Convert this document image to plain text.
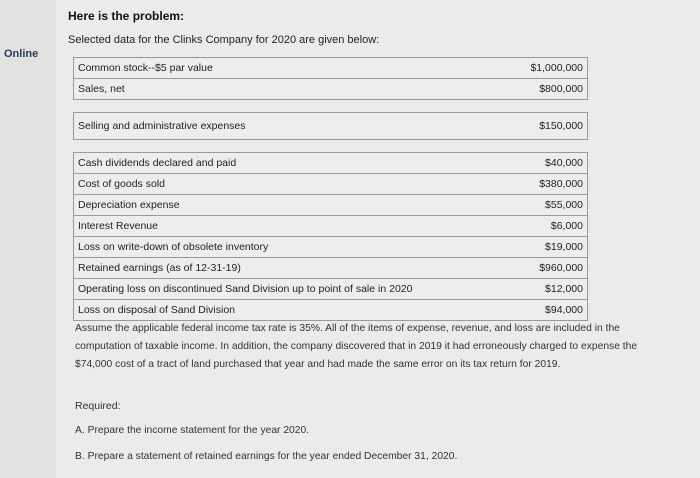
Online
Here is the problem:
Selected data for the Clinks Company for 2020 are given below:
Common stock--$5 par value	$1,000,000
Sales, net	$800,000

Selling and administrative expenses	$150,000

Cash dividends declared and paid	$40,000
Cost of goods sold	$380,000
Depreciation expense	$55,000
Interest Revenue	$6,000
Loss on write-down of obsolete inventory	$19,000
Retained earnings (as of 12-31-19)	$960,000
Operating loss on discontinued Sand Division up to point of sale in 2020	$12,000
Loss on disposal of Sand Division	$94,000
Assume the applicable federal income tax rate is 35%. All of the items of expense, revenue, and loss are included in the computation of taxable income. In addition, the company discovered that in 2019 it had erroneously charged to expense the $74,000 cost of a tract of land purchased that year and had made the same error on its tax return for 2019.
Required:
A. Prepare the income statement for the year 2020.
B. Prepare a statement of retained earnings for the year ended December 31, 2020.
